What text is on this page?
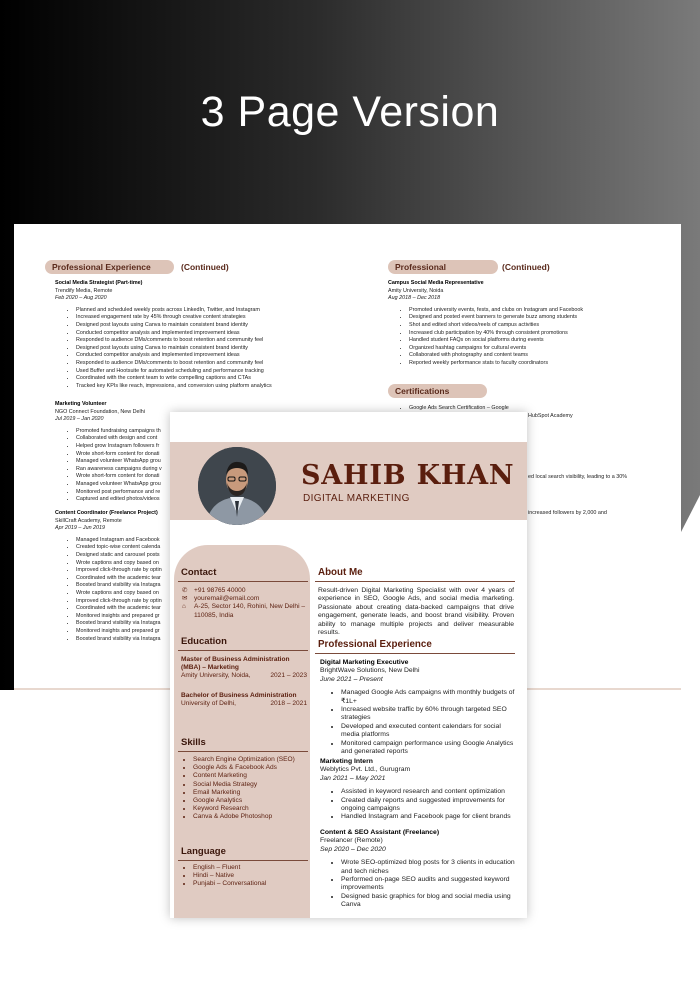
3 Page Version
Professional Experience	(Continued)
Social Media Strategist (Part-time)
Trendify Media, Remote
Feb 2020 – Aug 2020
• Planned and scheduled weekly posts across LinkedIn, Twitter, and Instagram
• Increased engagement rate by 45% through creative content strategies
• Designed post layouts using Canva to maintain consistent brand identity
• Conducted competitor analysis and implemented improvement ideas
• Responded to audience DMs/comments to boost retention and community feel
• Designed post layouts using Canva to maintain consistent brand identity
• Conducted competitor analysis and implemented improvement ideas
• Responded to audience DMs/comments to boost retention and community feel
• Used Buffer and Hootsuite for automated scheduling and performance tracking
• Coordinated with the content team to write compelling captions and CTAs
• Tracked key KPIs like reach, impressions, and conversion using platform analytics
Marketing Volunteer
NGO Connect Foundation, New Delhi
Jul 2019 – Jan 2020
• Promoted fundraising campaigns th
• Collaborated with design and cont
• Helped grow Instagram followers fr
• Wrote short-form content for donati
• Managed volunteer WhatsApp grou
• Ran awareness campaigns during v
• Wrote short-form content for donati
• Managed volunteer WhatsApp grou
• Monitored post performance and re
• Captured and edited photos/videos
Content Coordinator (Freelance Project)
SkillCraft Academy, Remote
Apr 2019 – Jun 2019
• Managed Instagram and Facebook
• Created topic-wise content calenda
• Designed static and carousel posts
• Wrote captions and copy based on
• Improved click-through rate by optin
• Coordinated with the academic tear
• Boosted brand visibility via Instagra
• Wrote captions and copy based on
• Improved click-through rate by optin
• Coordinated with the academic tear
• Monitored insights and prepared gr
• Boosted brand visibility via Instagra
• Monitored insights and prepared gr
• Boosted brand visibility via Instagra
Professional	(Continued)
Campus Social Media Representative
Amity University, Noida
Aug 2018 – Dec 2018
• Promoted university events, fests, and clubs on Instagram and Facebook
• Designed and posted event banners to generate buzz among students
• Shot and edited short videos/reels of campus activities
• Increased club participation by 40% through consistent promotions
• Handled student FAQs on social platforms during events
• Organized hashtag campaigns for cultural events
• Collaborated with photography and content teams
• Reported weekly performance stats to faculty coordinators
Certifications
• Google Ads Search Certification – Google
HubSpot Academy
ed local search visibility, leading to a 30%
increased followers by 2,000 and
SAHIB KHAN
DIGITAL MARKETING
Contact
✆ +91 98765 40000
✉ youremail@email.com
⌂	A-25, Sector 140, Rohini, New Delhi – 110085, India
Education
Master of Business Administration (MBA) – Marketing
Amity University, Noida,	2021 – 2023
Bachelor of Business Administration
University of Delhi,	2018 – 2021
Skills
• Search Engine Optimization (SEO)
• Google Ads & Facebook Ads
• Content Marketing
• Social Media Strategy
• Email Marketing
• Google Analytics
• Keyword Research
• Canva & Adobe Photoshop
Language
• English – Fluent
• Hindi – Native
• Punjabi – Conversational
About Me
Result-driven Digital Marketing Specialist with over 4 years of experience in SEO, Google Ads, and social media marketing. Passionate about creating data-backed campaigns that drive engagement, generate leads, and boost brand visibility. Proven ability to manage multiple projects and deliver measurable results.
Professional Experience
Digital Marketing Executive
BrightWave Solutions, New Delhi
June 2021 – Present
• Managed Google Ads campaigns with monthly budgets of ₹1L+
• Increased website traffic by 60% through targeted SEO strategies
• Developed and executed content calendars for social media platforms
• Monitored campaign performance using Google Analytics and generated reports
Marketing Intern
Weblytics Pvt. Ltd., Gurugram
Jan 2021 – May 2021
• Assisted in keyword research and content optimization
• Created daily reports and suggested improvements for ongoing campaigns
• Handled Instagram and Facebook page for client brands
Content & SEO Assistant (Freelance)
Freelancer (Remote)
Sep 2020 – Dec 2020
• Wrote SEO-optimized blog posts for 3 clients in education and tech niches
• Performed on-page SEO audits and suggested keyword improvements
• Designed basic graphics for blog and social media using Canva
